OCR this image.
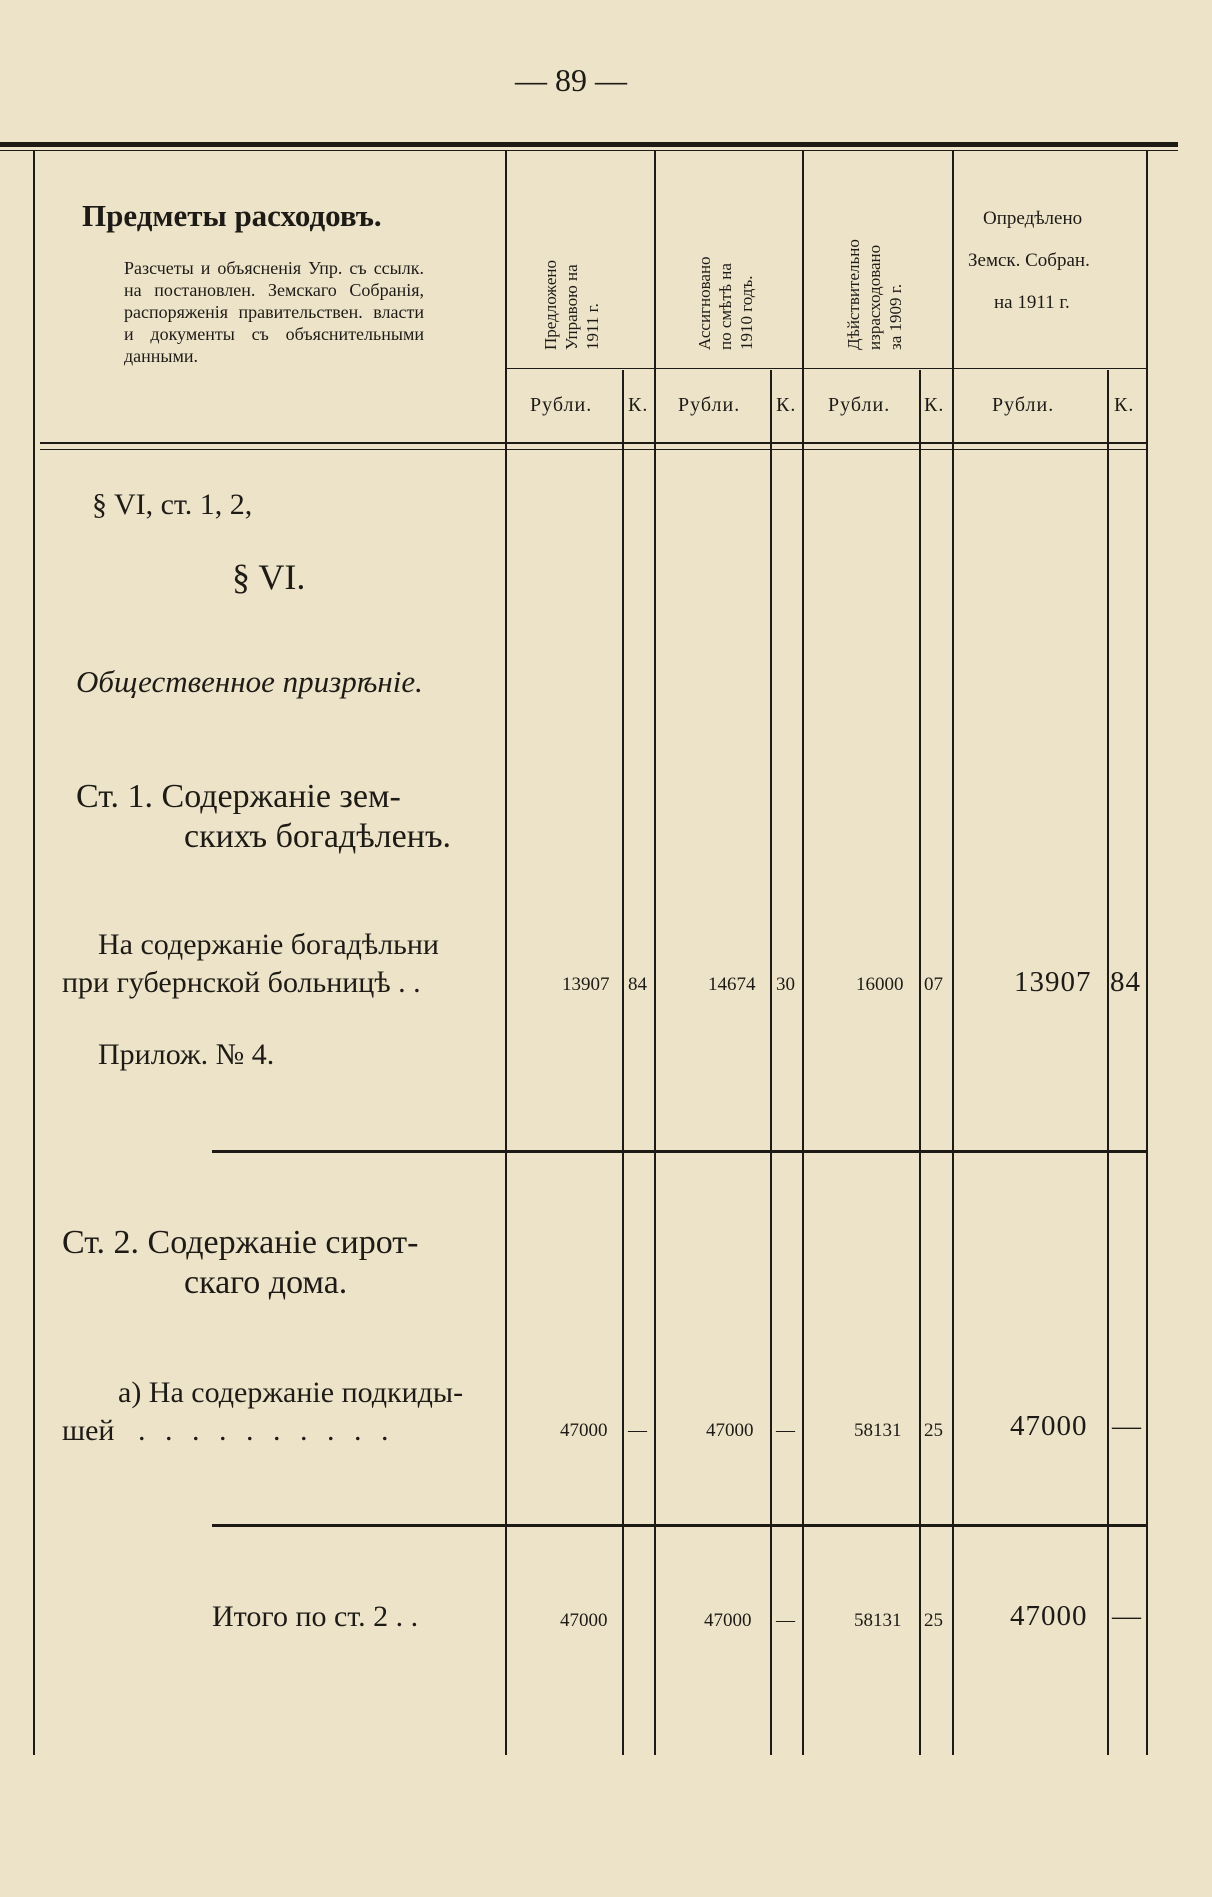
— 89 —
Предметы расходовъ.
Разсчеты и объясненія Упр. съ ссылк. на постановлен. Земскаго Собранія, распоряженія правительствен. власти и документы съ объяснительными данными.
Предложено
Управою на
1911 г.	Ассигновано
по смѣтѣ на
1910 годъ.	Дѣйствительно
израсходовано
за 1909 г.
Опредѣлено
Земск. Собран.
на 1911 г.
Рубли. К. Рубли. К. Рубли. К. Рубли.	К.
§ VI, ст. 1, 2,
§ VI.
Общественное призрѣніе.
Ст. 1. Содержаніе зем-
скихъ богадѣленъ.
На содержаніе богадѣльни
при губернской больницѣ . .
Прилож. № 4.
13907 84	14674 30	16000 07 13907 84
Ст. 2. Содержаніе сирот-
скаго дома.
а) На содержаніе подкиды-
шей . . . . . . . . . .	47000 —	47000 —	58131 25 47000 —
Итого по ст. 2 . .	47000	47000 —	58131 25 47000 —
